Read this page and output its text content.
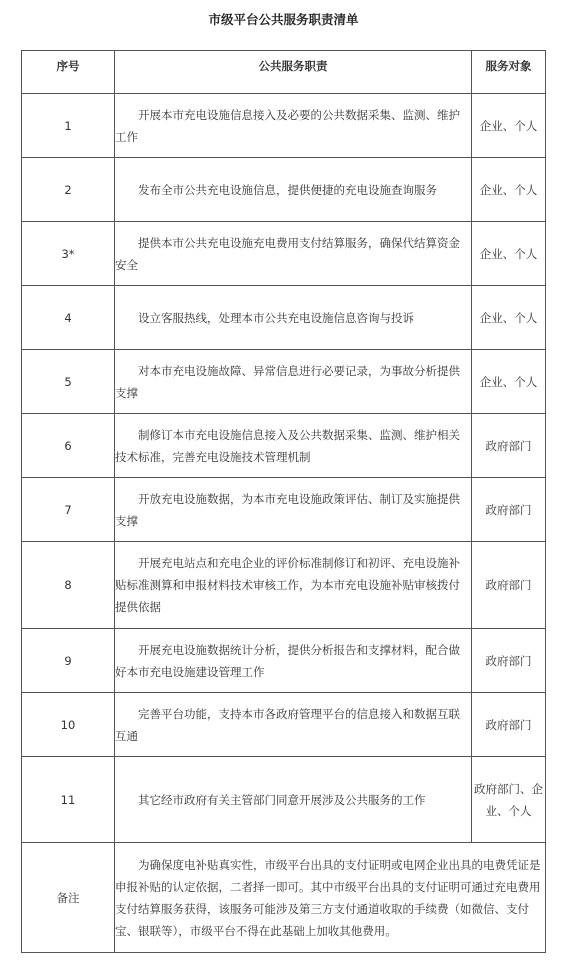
市级平台公共服务职责清单
序号	公共服务职责	服务对象
1	开展本市充电设施信息接入及必要的公共数据采集、监测、维护工作	企业、个人
2	发布全市公共充电设施信息，提供便捷的充电设施查询服务	企业、个人
3*	提供本市公共充电设施充电费用支付结算服务，确保代结算资金安全	企业、个人
4	设立客服热线，处理本市公共充电设施信息咨询与投诉	企业、个人
5	对本市充电设施故障、异常信息进行必要记录，为事故分析提供支撑	企业、个人
6	制修订本市充电设施信息接入及公共数据采集、监测、维护相关技术标准，完善充电设施技术管理机制	政府部门
7	开放充电设施数据，为本市充电设施政策评估、制订及实施提供支撑	政府部门
8	开展充电站点和充电企业的评价标准制修订和初评、充电设施补贴标准测算和申报材料技术审核工作，为本市充电设施补贴审核拨付提供依据	政府部门
9	开展充电设施数据统计分析，提供分析报告和支撑材料，配合做好本市充电设施建设管理工作	政府部门
10	完善平台功能，支持本市各政府管理平台的信息接入和数据互联互通	政府部门
11	其它经市政府有关主管部门同意开展涉及公共服务的工作	政府部门、企业、个人
备注	为确保度电补贴真实性，市级平台出具的支付证明或电网企业出具的电费凭证是申报补贴的认定依据，二者择一即可。其中市级平台出具的支付证明可通过充电费用支付结算服务获得，该服务可能涉及第三方支付通道收取的手续费（如微信、支付宝、银联等），市级平台不得在此基础上加收其他费用。	
